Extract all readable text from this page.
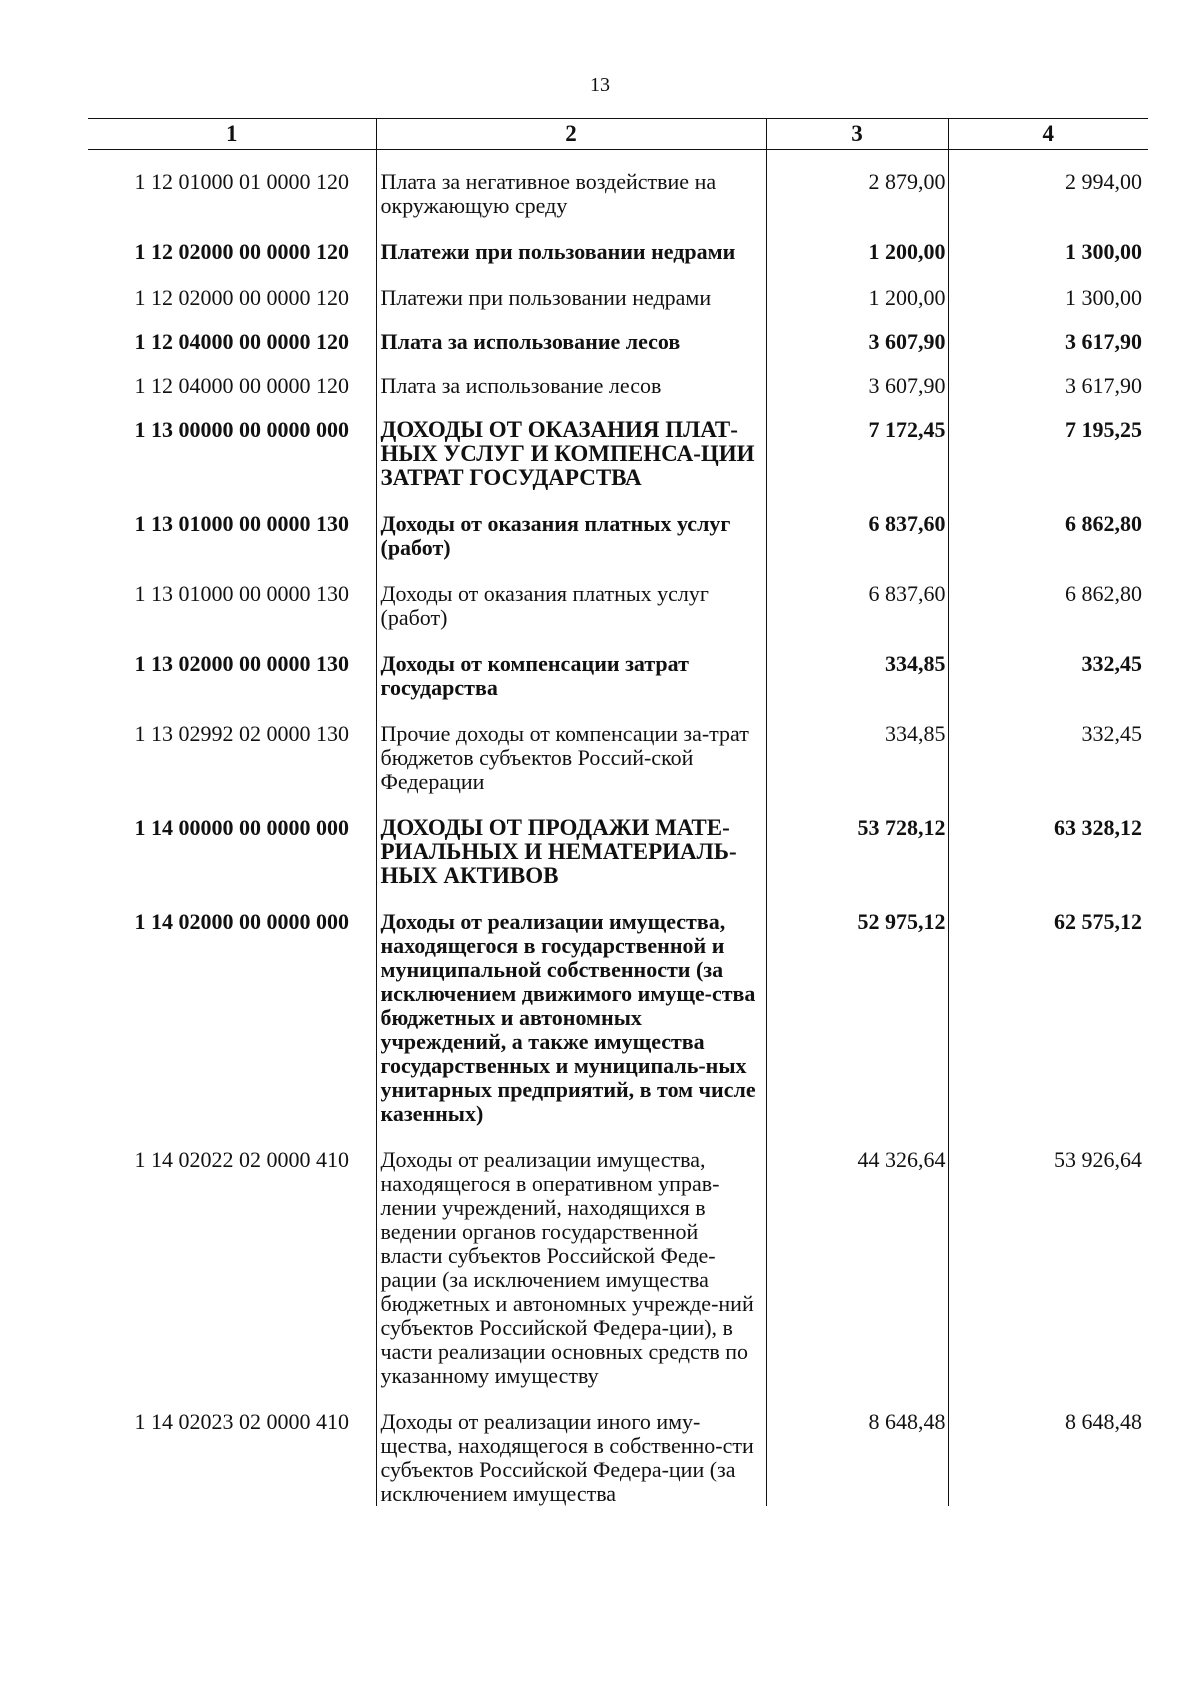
13
1	2	3	4

1 12 01000 01 0000 120	Плата за негативное воздействие на окружающую среду	2 879,00	2 994,00

1 12 02000 00 0000 120	Платежи при пользовании недрами	1 200,00	1 300,00

1 12 02000 00 0000 120	Платежи при пользовании недрами	1 200,00	1 300,00

1 12 04000 00 0000 120	Плата за использование лесов	3 607,90	3 617,90

1 12 04000 00 0000 120	Плата за использование лесов	3 607,90	3 617,90

1 13 00000 00 0000 000	ДОХОДЫ ОТ ОКАЗАНИЯ ПЛАТ-НЫХ УСЛУГ И КОМПЕНСА-ЦИИ ЗАТРАТ ГОСУДАРСТВА	7 172,45	7 195,25

1 13 01000 00 0000 130	Доходы от оказания платных услуг (работ)	6 837,60	6 862,80

1 13 01000 00 0000 130	Доходы от оказания платных услуг (работ)	6 837,60	6 862,80

1 13 02000 00 0000 130	Доходы от компенсации затрат государства	334,85	332,45

1 13 02992 02 0000 130	Прочие доходы от компенсации за-трат бюджетов субъектов Россий-ской Федерации	334,85	332,45

1 14 00000 00 0000 000	ДОХОДЫ ОТ ПРОДАЖИ МАТЕ-РИАЛЬНЫХ И НЕМАТЕРИАЛЬ-НЫХ АКТИВОВ	53 728,12	63 328,12

1 14 02000 00 0000 000	Доходы от реализации имущества, находящегося в государственной и муниципальной собственности (за исключением движимого имуще-ства бюджетных и автономных учреждений, а также имущества государственных и муниципаль-ных унитарных предприятий, в том числе казенных)	52 975,12	62 575,12

1 14 02022 02 0000 410	Доходы от реализации имущества, находящегося в оперативном управ-лении учреждений, находящихся в ведении органов государственной власти субъектов Российской Феде-рации (за исключением имущества бюджетных и автономных учрежде-ний субъектов Российской Федера-ции), в части реализации основных средств по указанному имуществу	44 326,64	53 926,64

1 14 02023 02 0000 410	Доходы от реализации иного иму-щества, находящегося в собственно-сти субъектов Российской Федера-ции (за исключением имущества	8 648,48	8 648,48
